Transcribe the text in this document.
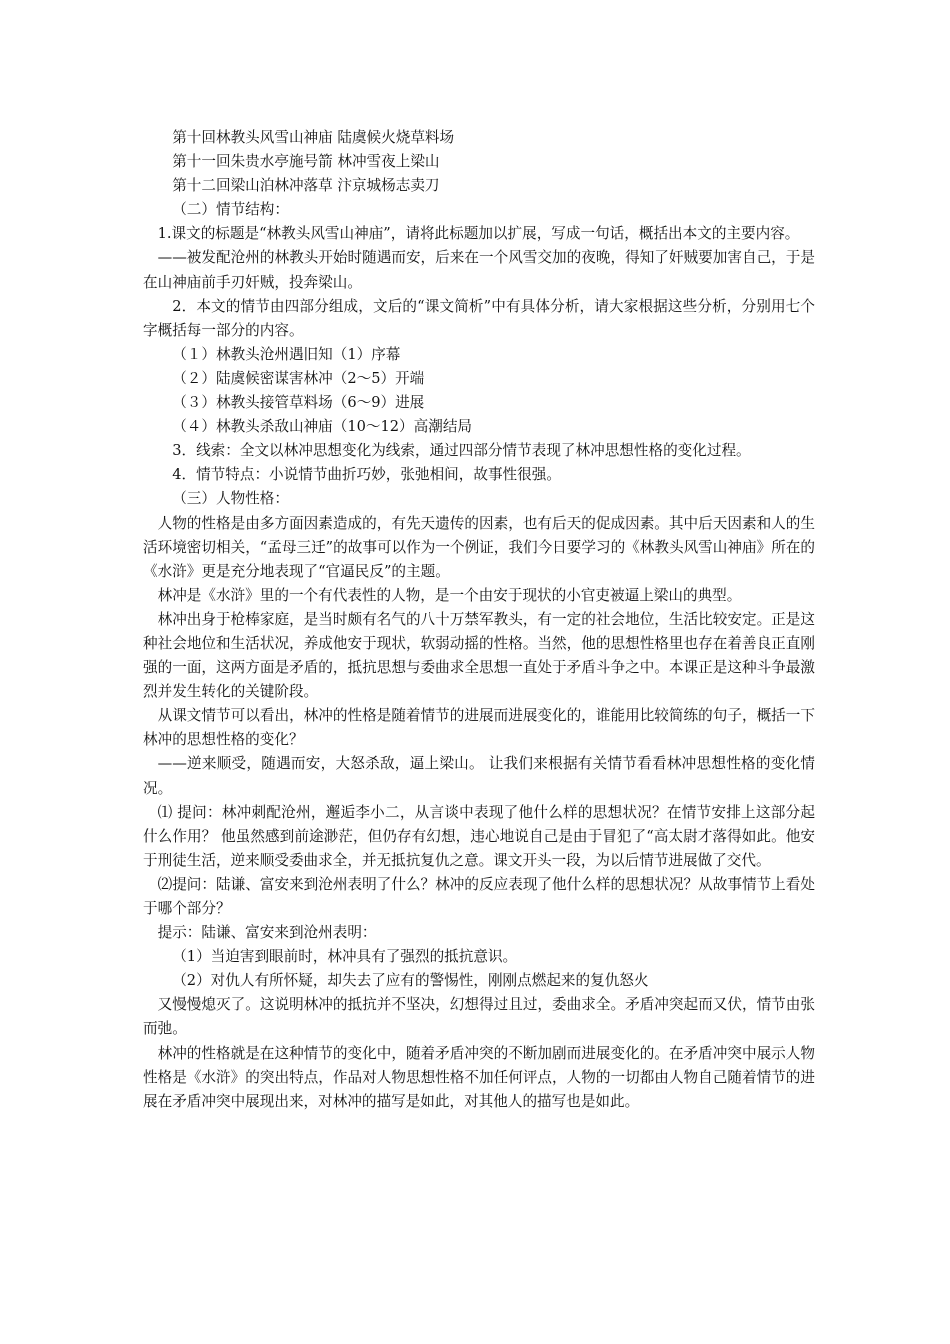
第十回林教头风雪山神庙 陆虞候火烧草料场

第十一回朱贵水亭施号箭 林冲雪夜上梁山

第十二回梁山泊林冲落草 汴京城杨志卖刀

（二）情节结构：

1.课文的标题是“林教头风雪山神庙”，请将此标题加以扩展，写成一句话，概括出本文的主要内容。

——被发配沧州的林教头开始时随遇而安，后来在一个风雪交加的夜晚，得知了奸贼要加害自己，于是在山神庙前手刃奸贼，投奔梁山。

2．本文的情节由四部分组成，文后的“课文简析”中有具体分析，请大家根据这些分析，分别用七个字概括每一部分的内容。

（１）林教头沧州遇旧知（1）序幕

（２）陆虞候密谋害林冲（2～5）开端

（３）林教头接管草料场（6～9）进展

（４）林教头杀敌山神庙（10～12）高潮结局

3．线索：全文以林冲思想变化为线索，通过四部分情节表现了林冲思想性格的变化过程。

4．情节特点：小说情节曲折巧妙，张弛相间，故事性很强。

（三）人物性格：

人物的性格是由多方面因素造成的，有先天遗传的因素，也有后天的促成因素。其中后天因素和人的生活环境密切相关，“孟母三迁”的故事可以作为一个例证，我们今日要学习的《林教头风雪山神庙》所在的《水浒》更是充分地表现了“官逼民反”的主题。

林冲是《水浒》里的一个有代表性的人物，是一个由安于现状的小官吏被逼上梁山的典型。

林冲出身于枪棒家庭，是当时颇有名气的八十万禁军教头，有一定的社会地位，生活比较安定。正是这种社会地位和生活状况，养成他安于现状，软弱动摇的性格。当然，他的思想性格里也存在着善良正直刚强的一面，这两方面是矛盾的，抵抗思想与委曲求全思想一直处于矛盾斗争之中。本课正是这种斗争最激烈并发生转化的关键阶段。

从课文情节可以看出，林冲的性格是随着情节的进展而进展变化的，谁能用比较简练的句子，概括一下林冲的思想性格的变化？

——逆来顺受，随遇而安，大怒杀敌，逼上梁山。 让我们来根据有关情节看看林冲思想性格的变化情况。

⑴ 提问：林冲刺配沧州，邂逅李小二，从言谈中表现了他什么样的思想状况？在情节安排上这部分起什么作用？ 他虽然感到前途渺茫，但仍存有幻想，违心地说自己是由于冒犯了“高太尉才落得如此。他安于刑徒生活，逆来顺受委曲求全，并无抵抗复仇之意。课文开头一段，为以后情节进展做了交代。

⑵提问：陆谦、富安来到沧州表明了什么？林冲的反应表现了他什么样的思想状况？从故事情节上看处于哪个部分？

提示：陆谦、富安来到沧州表明：

（1）当迫害到眼前时，林冲具有了强烈的抵抗意识。

（2）对仇人有所怀疑，却失去了应有的警惕性，刚刚点燃起来的复仇怒火

又慢慢熄灭了。这说明林冲的抵抗并不坚决，幻想得过且过，委曲求全。矛盾冲突起而又伏，情节由张而弛。

林冲的性格就是在这种情节的变化中，随着矛盾冲突的不断加剧而进展变化的。在矛盾冲突中展示人物性格是《水浒》的突出特点，作品对人物思想性格不加任何评点，人物的一切都由人物自己随着情节的进展在矛盾冲突中展现出来，对林冲的描写是如此，对其他人的描写也是如此。
